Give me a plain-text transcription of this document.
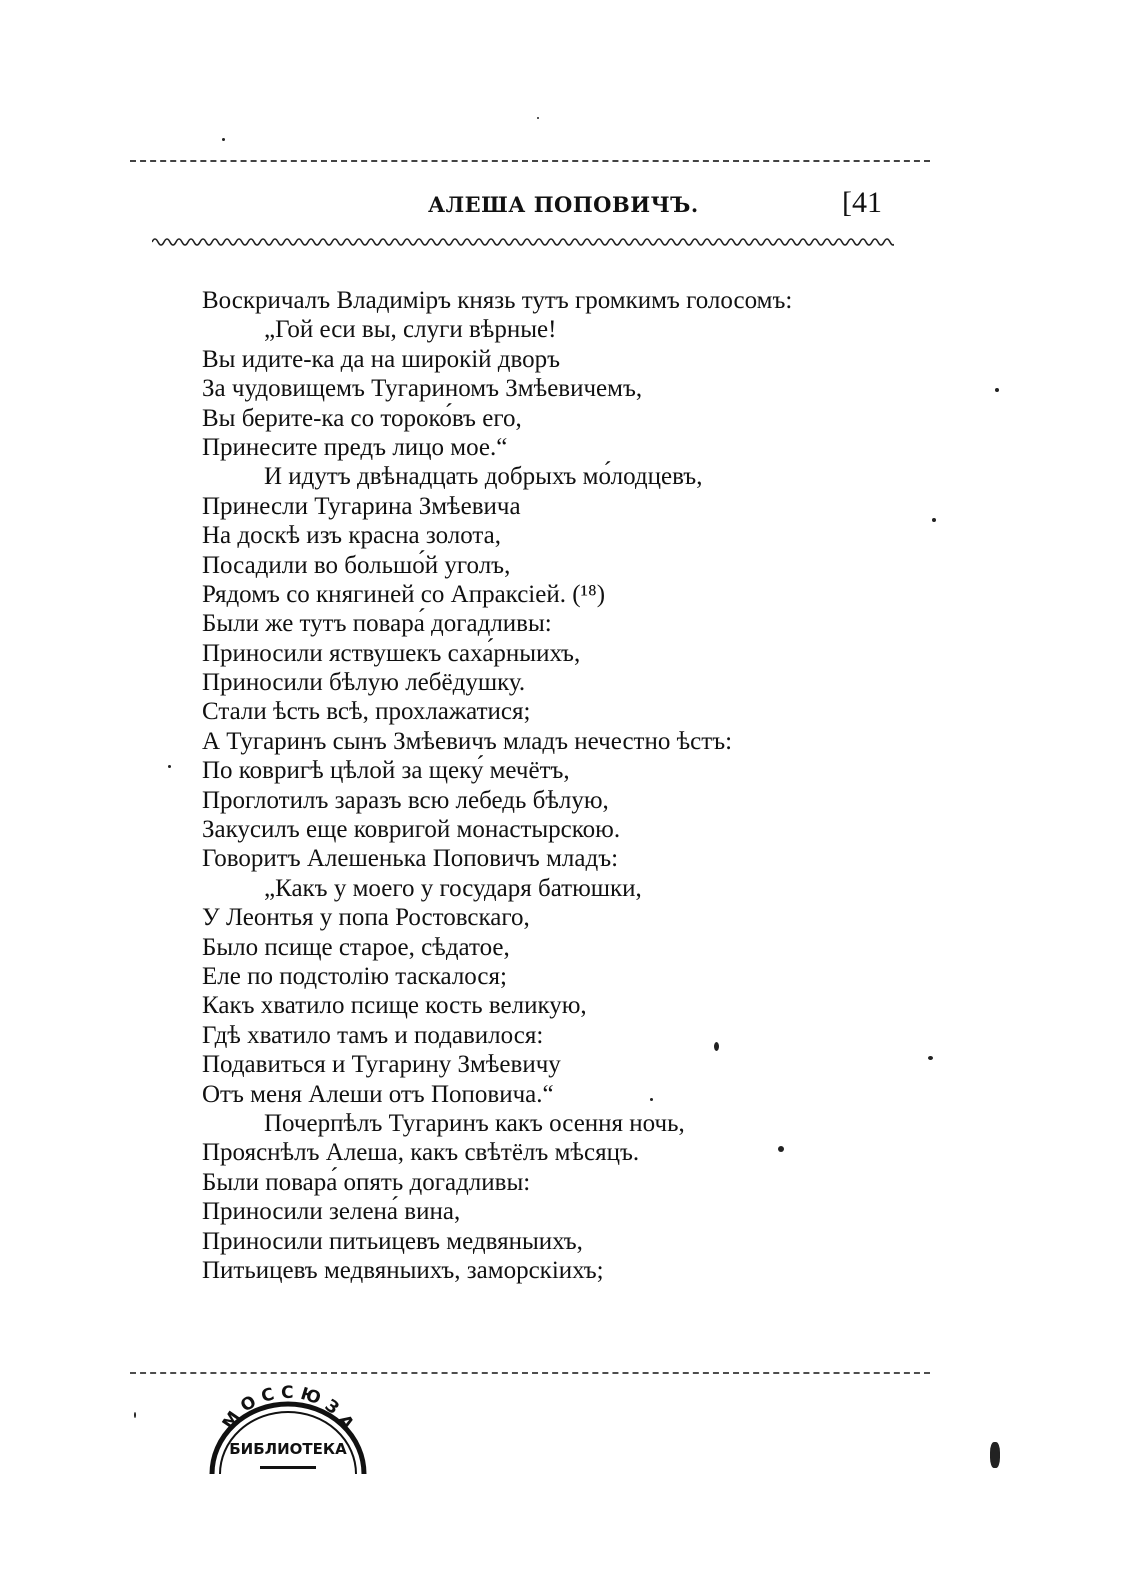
АЛЕША ПОПОВИЧЪ.	[41
Воскричалъ Владиміръ князь тутъ громкимъ голосомъ:
„Гой еси вы, слуги вѣрные!
Вы идите-ка да на широкій дворъ
За чудовищемъ Тугариномъ Змѣевичемъ,
Вы берите-ка со тороко́въ его,
Принесите предъ лицо мое.“
И идутъ двѣнадцать добрыхъ мо́лодцевъ,
Принесли Тугарина Змѣевича
На доскѣ изъ красна золота,
Посадили во большо́й уголъ,
Рядомъ со княгиней со Апраксіей. (¹⁸)
Были же тутъ повара́ догадливы:
Приносили яствушекъ саха́рныихъ,
Приносили бѣлую лебёдушку.
Стали ѣсть всѣ, прохлажатися;
А Тугаринъ сынъ Змѣевичъ младъ нечестно ѣстъ:
По ковригѣ цѣлой за щеку́ мечётъ,
Проглотилъ заразъ всю лебедь бѣлую,
Закусилъ еще ковригой монастырскою.
Говоритъ Алешенька Поповичъ младъ:
„Какъ у моего у государя батюшки,
У Леонтья у попа Ростовскаго,
Было псище старое, сѣдатое,
Еле по подстолію таскалося;
Какъ хватило псище кость великую,
Гдѣ хватило тамъ и подавилося:
Подавиться и Тугарину Змѣевичу
Отъ меня Алеши отъ Поповича.“
Почерпѣлъ Тугаринъ какъ осення ночь,
Прояснѣлъ Алеша, какъ свѣтёлъ мѣсяцъ.
Были повара́ опять догадливы:
Приносили зелена́ вина,
Приносили питьицевъ медвяныихъ,
Питьицевъ медвяныихъ, заморскіихъ;
М О С С Ю З А
БИБЛИОТЕКА
